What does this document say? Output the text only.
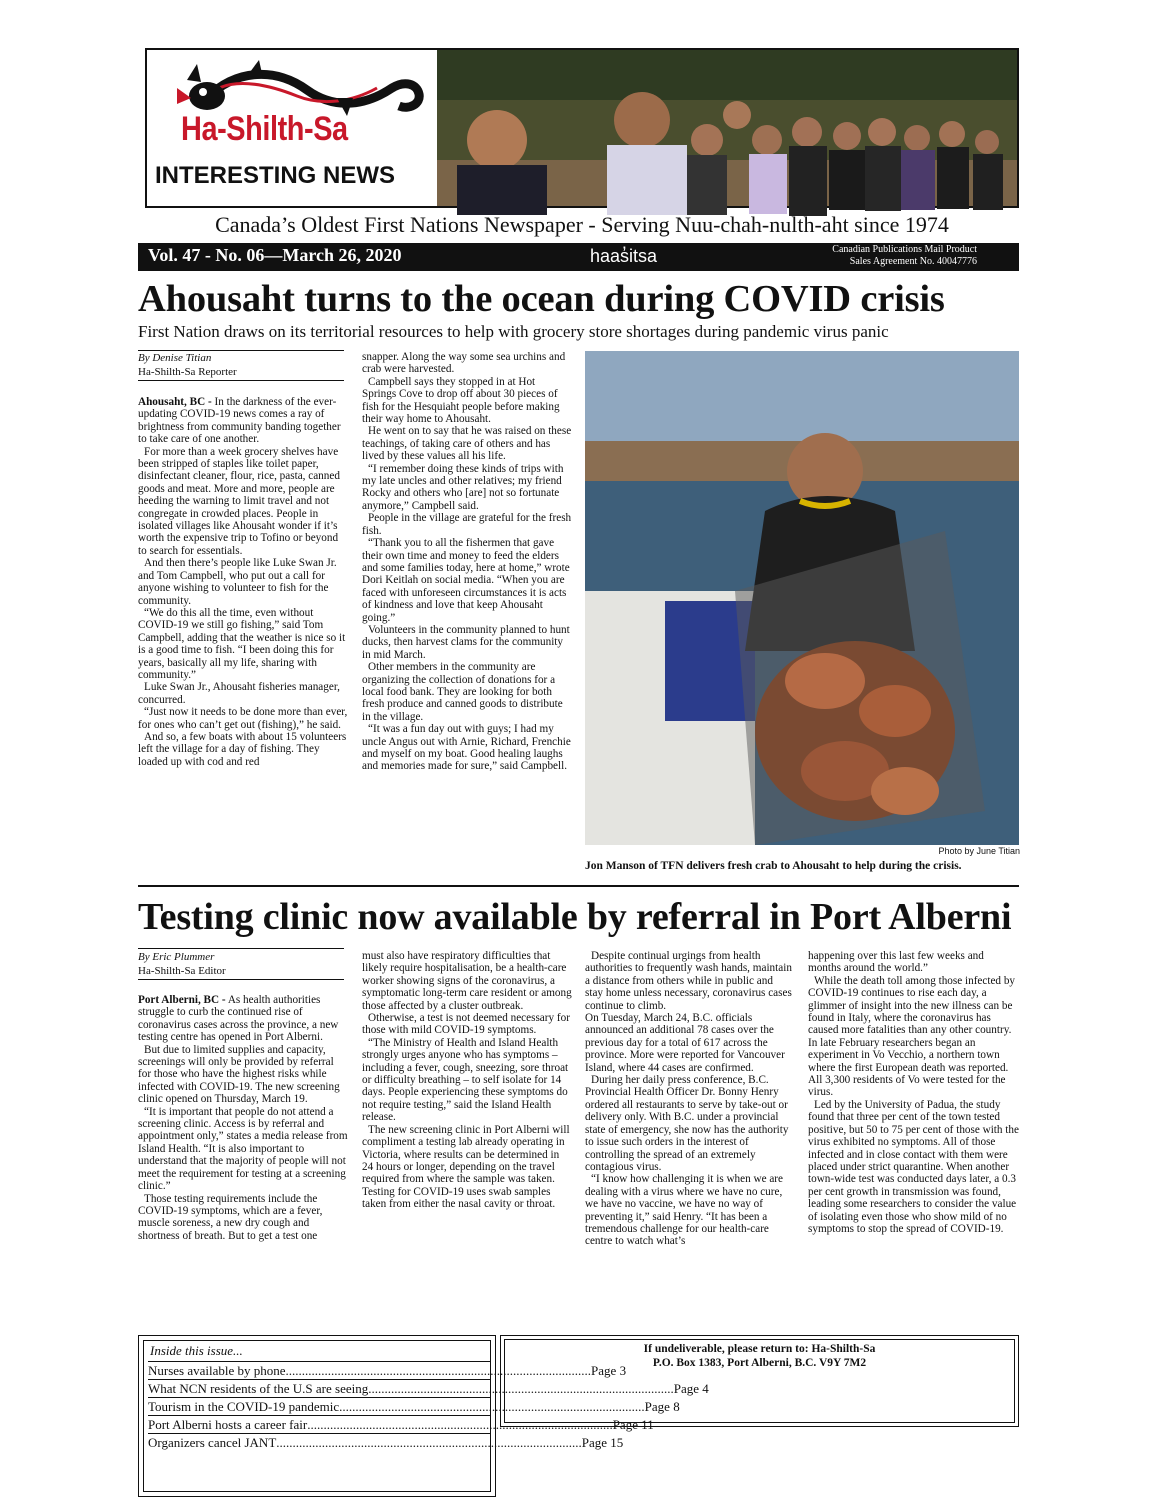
Ha-Shilth-Sa
INTERESTING NEWS
Canada’s Oldest First Nations Newspaper - Serving Nuu-chah-nulth-aht since 1974
Vol. 47 - No. 06—March 26, 2020	haas̓itsa	Canadian Publications Mail Product
Sales Agreement No. 40047776
Ahousaht turns to the ocean during COVID crisis
First Nation draws on its territorial resources to help with grocery store shortages during pandemic virus panic
By Denise Titian
Ha-Shilth-Sa Reporter

Ahousaht, BC - In the darkness of the ever-updating COVID-19 news comes a ray of brightness from community banding together to take care of one another.

For more than a week grocery shelves have been stripped of staples like toilet paper, disinfectant cleaner, flour, rice, pasta, canned goods and meat. More and more, people are heeding the warning to limit travel and not congregate in crowded places. People in isolated villages like Ahousaht wonder if it’s worth the expensive trip to Tofino or beyond to search for essentials.

And then there’s people like Luke Swan Jr. and Tom Campbell, who put out a call for anyone wishing to volunteer to fish for the community.

“We do this all the time, even without COVID-19 we still go fishing,” said Tom Campbell, adding that the weather is nice so it is a good time to fish. “I been doing this for years, basically all my life, sharing with community.”

Luke Swan Jr., Ahousaht fisheries manager, concurred.

“Just now it needs to be done more than ever, for ones who can’t get out (fishing),” he said.

And so, a few boats with about 15 volunteers left the village for a day of fishing. They loaded up with cod and red

snapper. Along the way some sea urchins and crab were harvested.

Campbell says they stopped in at Hot Springs Cove to drop off about 30 pieces of fish for the Hesquiaht people before making their way home to Ahousaht.

He went on to say that he was raised on these teachings, of taking care of others and has lived by these values all his life.

“I remember doing these kinds of trips with my late uncles and other relatives; my friend Rocky and others who [are] not so fortunate anymore,” Campbell said.

People in the village are grateful for the fresh fish.

“Thank you to all the fishermen that gave their own time and money to feed the elders and some families today, here at home,” wrote Dori Keitlah on social media. “When you are faced with unforeseen circumstances it is acts of kindness and love that keep Ahousaht going.”

Volunteers in the community planned to hunt ducks, then harvest clams for the community in mid March.

Other members in the community are organizing the collection of donations for a local food bank. They are looking for both fresh produce and canned goods to distribute in the village.

“It was a fun day out with guys; I had my uncle Angus out with Arnie, Richard, Frenchie and myself on my boat. Good healing laughs and memories made for sure,” said Campbell.

Photo by June Titian
Jon Manson of TFN delivers fresh crab to Ahousaht to help during the crisis.
Testing clinic now available by referral in Port Alberni
By Eric Plummer
Ha-Shilth-Sa Editor

Port Alberni, BC - As health authorities struggle to curb the continued rise of coronavirus cases across the province, a new testing centre has opened in Port Alberni.

But due to limited supplies and capacity, screenings will only be provided by referral for those who have the highest risks while infected with COVID-19. The new screening clinic opened on Thursday, March 19.

“It is important that people do not attend a screening clinic. Access is by referral and appointment only,” states a media release from Island Health. “It is also important to understand that the majority of people will not meet the requirement for testing at a screening clinic.”

Those testing requirements include the COVID-19 symptoms, which are a fever, muscle soreness, a new dry cough and shortness of breath. But to get a test one

must also have respiratory difficulties that likely require hospitalisation, be a health-care worker showing signs of the coronavirus, a symptomatic long-term care resident or among those affected by a cluster outbreak.

Otherwise, a test is not deemed necessary for those with mild COVID-19 symptoms.

“The Ministry of Health and Island Health strongly urges anyone who has symptoms – including a fever, cough, sneezing, sore throat or difficulty breathing – to self isolate for 14 days. People experiencing these symptoms do not require testing,” said the Island Health release.

The new screening clinic in Port Alberni will compliment a testing lab already operating in Victoria, where results can be determined in 24 hours or longer, depending on the travel required from where the sample was taken. Testing for COVID-19 uses swab samples taken from either the nasal cavity or throat.

Despite continual urgings from health authorities to frequently wash hands, maintain a distance from others while in public and stay home unless necessary, coronavirus cases continue to climb.

On Tuesday, March 24, B.C. officials announced an additional 78 cases over the previous day for a total of 617 across the province. More were reported for Vancouver Island, where 44 cases are confirmed.

During her daily press conference, B.C. Provincial Health Officer Dr. Bonny Henry ordered all restaurants to serve by take-out or delivery only. With B.C. under a provincial state of emergency, she now has the authority to issue such orders in the interest of controlling the spread of an extremely contagious virus.

“I know how challenging it is when we are dealing with a virus where we have no cure, we have no vaccine, we have no way of preventing it,” said Henry. “It has been a tremendous challenge for our health-care centre to watch what’s

happening over this last few weeks and months around the world.”

While the death toll among those infected by COVID-19 continues to rise each day, a glimmer of insight into the new illness can be found in Italy, where the coronavirus has caused more fatalities than any other country. In late February researchers began an experiment in Vo Vecchio, a northern town where the first European death was reported. All 3,300 residents of Vo were tested for the virus.

Led by the University of Padua, the study found that three per cent of the town tested positive, but 50 to 75 per cent of those with the virus exhibited no symptoms. All of those infected and in close contact with them were placed under strict quarantine. When another town-wide test was conducted days later, a 0.3 per cent growth in transmission was found, leading some researchers to consider the value of isolating even those who show mild of no symptoms to stop the spread of COVID-19.

Inside this issue...
Nurses available by phone .............................................................................................. Page 3
What NCN residents of the U.S are seeing .............................................................................................. Page 4
Tourism in the COVID-19 pandemic .............................................................................................. Page 8
Port Alberni hosts a career fair .............................................................................................. Page 11
Organizers cancel JANT .............................................................................................. Page 15
If undeliverable, please return to: Ha-Shilth-Sa
P.O. Box 1383, Port Alberni, B.C. V9Y 7M2
